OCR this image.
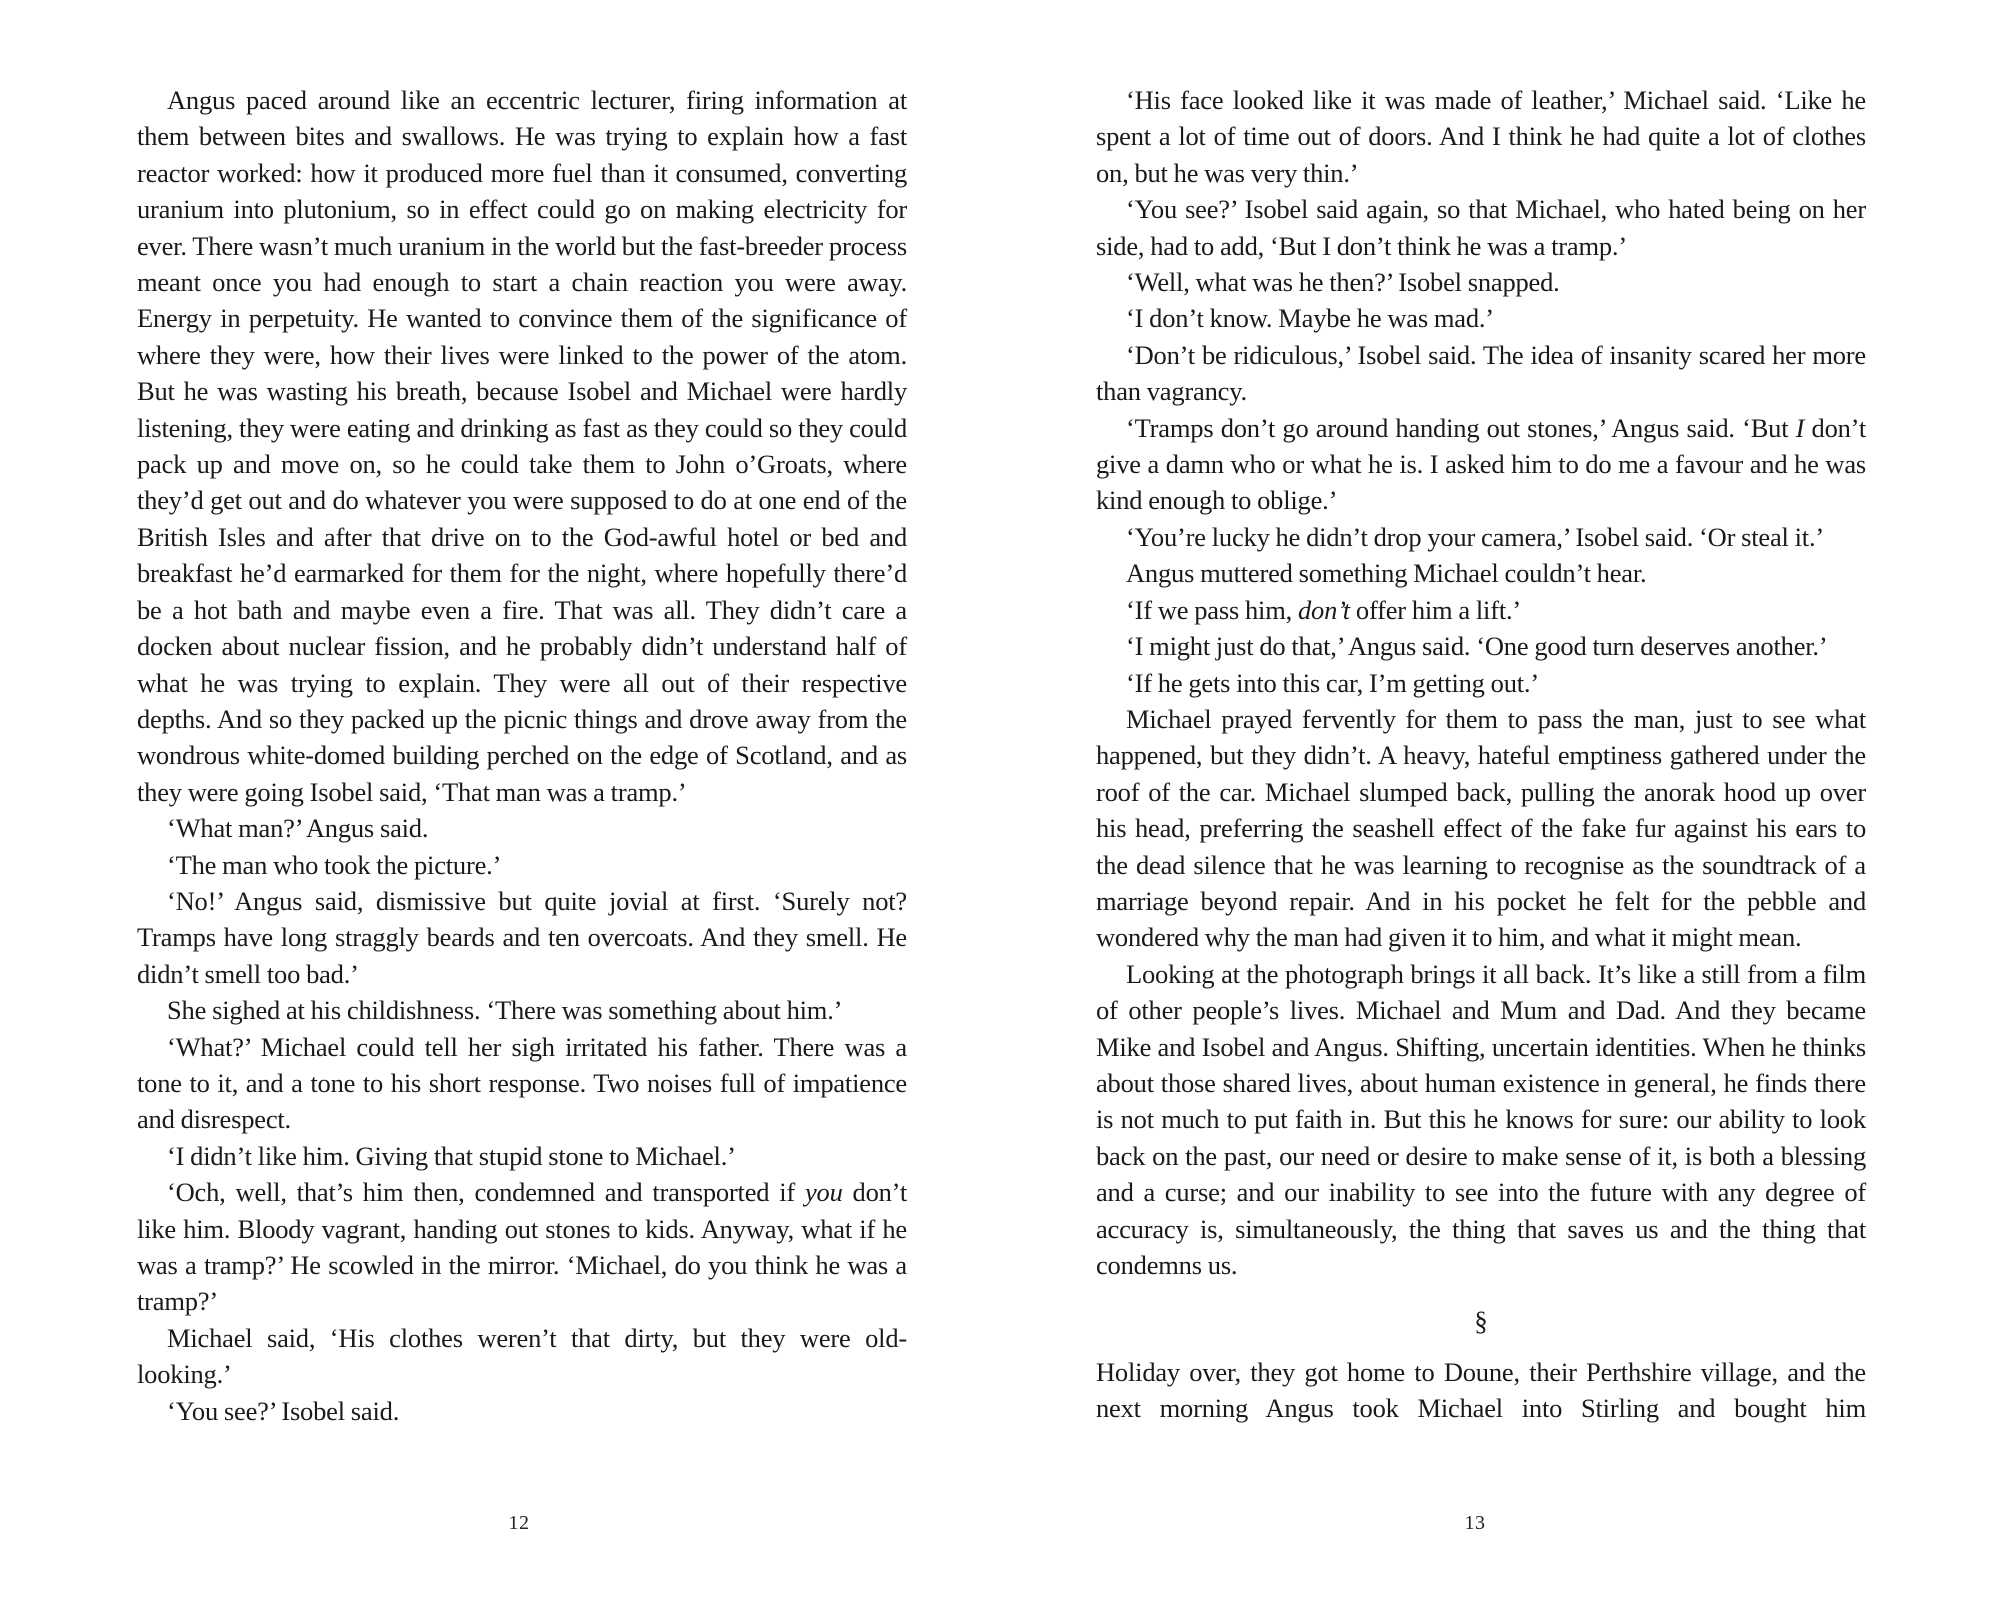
Angus paced around like an eccentric lecturer, firing information at them between bites and swallows. He was trying to explain how a fast reactor worked: how it produced more fuel than it consumed, converting uranium into plutonium, so in effect could go on making electricity for ever. There wasn’t much uranium in the world but the fast-breeder process meant once you had enough to start a chain reaction you were away. Energy in perpetuity. He wanted to convince them of the significance of where they were, how their lives were linked to the power of the atom. But he was wasting his breath, because Isobel and Michael were hardly listening, they were eating and drinking as fast as they could so they could pack up and move on, so he could take them to John o’Groats, where they’d get out and do whatever you were supposed to do at one end of the British Isles and after that drive on to the God-awful hotel or bed and breakfast he’d earmarked for them for the night, where hopefully there’d be a hot bath and maybe even a fire. That was all. They didn’t care a docken about nuclear fission, and he probably didn’t understand half of what he was trying to explain. They were all out of their respective depths. And so they packed up the picnic things and drove away from the wondrous white-domed building perched on the edge of Scotland, and as they were going Isobel said, ‘That man was a tramp.’

‘What man?’ Angus said.

‘The man who took the picture.’

‘No!’ Angus said, dismissive but quite jovial at first. ‘Surely not? Tramps have long straggly beards and ten overcoats. And they smell. He didn’t smell too bad.’

She sighed at his childishness. ‘There was something about him.’

‘What?’ Michael could tell her sigh irritated his father. There was a tone to it, and a tone to his short response. Two noises full of impatience and disrespect.

‘I didn’t like him. Giving that stupid stone to Michael.’

‘Och, well, that’s him then, condemned and transported if you don’t like him. Bloody vagrant, handing out stones to kids. Anyway, what if he was a tramp?’ He scowled in the mirror. ‘Michael, do you think he was a tramp?’

Michael said, ‘His clothes weren’t that dirty, but they were old-looking.’

‘You see?’ Isobel said.

12

‘His face looked like it was made of leather,’ Michael said. ‘Like he spent a lot of time out of doors. And I think he had quite a lot of clothes on, but he was very thin.’

‘You see?’ Isobel said again, so that Michael, who hated being on her side, had to add, ‘But I don’t think he was a tramp.’

‘Well, what was he then?’ Isobel snapped.

‘I don’t know. Maybe he was mad.’

‘Don’t be ridiculous,’ Isobel said. The idea of insanity scared her more than vagrancy.

‘Tramps don’t go around handing out stones,’ Angus said. ‘But I don’t give a damn who or what he is. I asked him to do me a favour and he was kind enough to oblige.’

‘You’re lucky he didn’t drop your camera,’ Isobel said. ‘Or steal it.’

Angus muttered something Michael couldn’t hear.

‘If we pass him, don’t offer him a lift.’

‘I might just do that,’ Angus said. ‘One good turn deserves another.’

‘If he gets into this car, I’m getting out.’

Michael prayed fervently for them to pass the man, just to see what happened, but they didn’t. A heavy, hateful emptiness gathered under the roof of the car. Michael slumped back, pulling the anorak hood up over his head, preferring the seashell effect of the fake fur against his ears to the dead silence that he was learning to recognise as the soundtrack of a marriage beyond repair. And in his pocket he felt for the pebble and wondered why the man had given it to him, and what it might mean.

Looking at the photograph brings it all back. It’s like a still from a film of other people’s lives. Michael and Mum and Dad. And they became Mike and Isobel and Angus. Shifting, uncertain identities. When he thinks about those shared lives, about human existence in general, he finds there is not much to put faith in. But this he knows for sure: our ability to look back on the past, our need or desire to make sense of it, is both a blessing and a curse; and our inability to see into the future with any degree of accuracy is, simultaneously, the thing that saves us and the thing that condemns us.

§

Holiday over, they got home to Doune, their Perthshire village, and the next morning Angus took Michael into Stirling and bought him

13
